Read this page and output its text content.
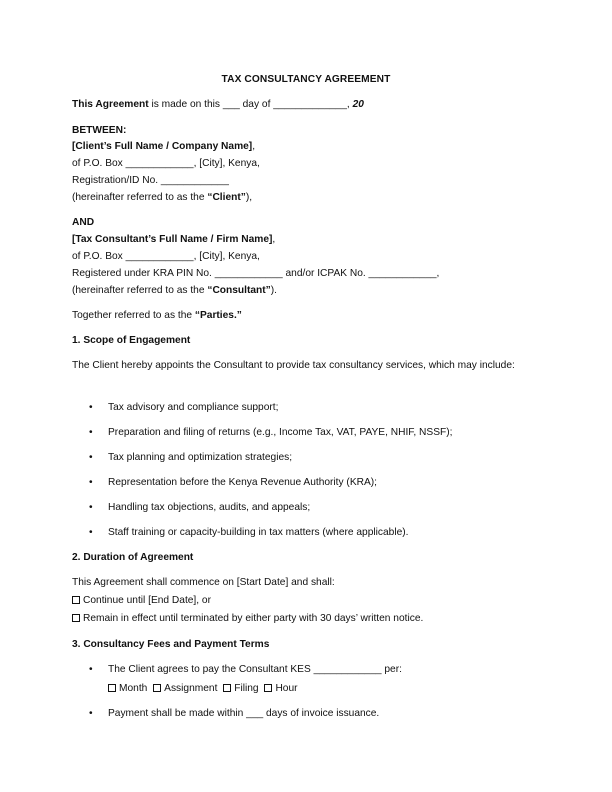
TAX CONSULTANCY AGREEMENT

This Agreement is made on this ___ day of _____________, 20

BETWEEN:

[Client’s Full Name / Company Name],

of P.O. Box ____________, [City], Kenya,

Registration/ID No. ____________

(hereinafter referred to as the “Client”),

AND

[Tax Consultant’s Full Name / Firm Name],

of P.O. Box ____________, [City], Kenya,

Registered under KRA PIN No. ____________ and/or ICPAK No. ____________,

(hereinafter referred to as the “Consultant”).

Together referred to as the “Parties.”

1. Scope of Engagement

The Client hereby appoints the Consultant to provide tax consultancy services, which may include:

• Tax advisory and compliance support;
• Preparation and filing of returns (e.g., Income Tax, VAT, PAYE, NHIF, NSSF);
• Tax planning and optimization strategies;
• Representation before the Kenya Revenue Authority (KRA);
• Handling tax objections, audits, and appeals;
• Staff training or capacity-building in tax matters (where applicable).

2. Duration of Agreement

This Agreement shall commence on [Start Date] and shall:

Continue until [End Date], or

Remain in effect until terminated by either party with 30 days’ written notice.

3. Consultancy Fees and Payment Terms

• The Client agrees to pay the Consultant KES ____________ per:
Month Assignment Filing Hour
• Payment shall be made within ___ days of invoice issuance.
